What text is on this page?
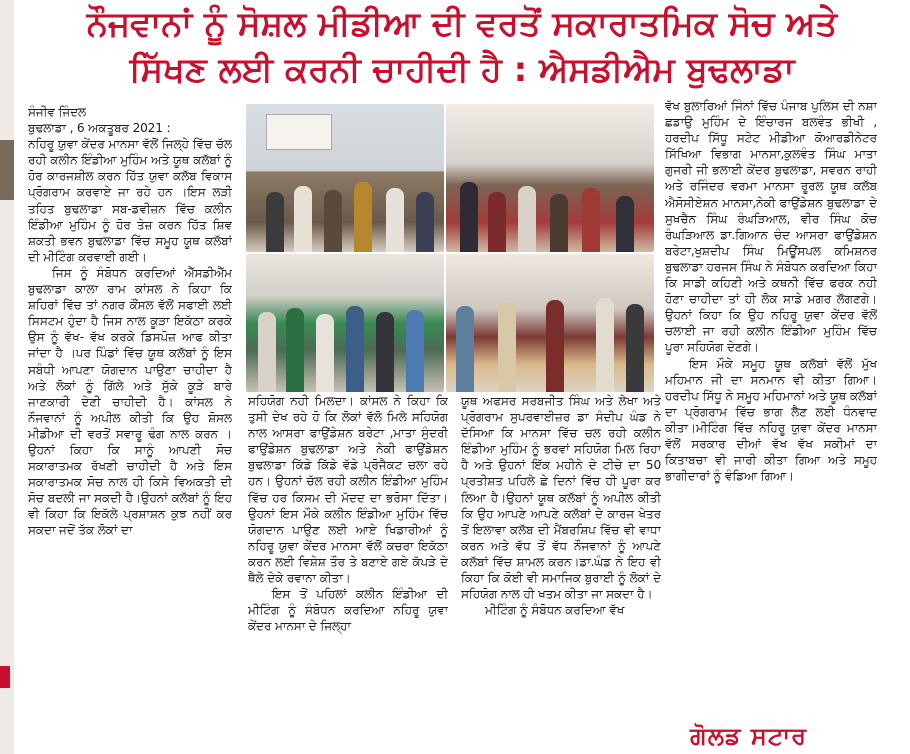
ਨੌਜਵਾਨਾਂ ਨੂੰ ਸੋਸ਼ਲ ਮੀਡੀਆ ਦੀ ਵਰਤੋਂ ਸਕਾਰਾਤਮਿਕ ਸੋਚ ਅਤੇ
ਸਿੱਖਣ ਲਈ ਕਰਨੀ ਚਾਹੀਦੀ ਹੈ : ਐਸਡੀਐਮ ਬੁਢਲਾਡਾ
ਸੰਜੀਵ ਜਿੰਦਲ
ਬੁਢਲਾਡਾ , 6 ਅਕਤੂਬਰ 2021 :

ਨਹਿਰੂ ਯੁਵਾ ਕੇਂਦਰ ਮਾਨਸਾ ਵੱਲੋਂ ਜਿਲ੍ਹੇ ਵਿੱਚ ਚੱਲ ਰਹੀ ਕਲੀਨ ਇੰਡੀਆ ਮੁਹਿੰਮ ਅਤੇ ਯੂਥ ਕਲੱਬਾਂ ਨੂੰ ਹੋਰ ਕਾਰਜਸ਼ੀਲ ਕਰਨ ਹਿੱਤ ਯੁਵਾ ਕਲੱਬ ਵਿਕਾਸ ਪ੍ਰੋਗਰਾਮ ਕਰਵਾਏ ਜਾ ਰਹੇ ਹਨ ।ਇਸ ਲੜੀ ਤਹਿਤ ਬੁਢਲਾਡਾ ਸਬ-ਡਵੀਜ਼ਨ ਵਿੱਚ ਕਲੀਨ ਇੰਡੀਆ ਮੁਹਿੰਮ ਨੂੰ ਹੋਰ ਤੇਜ਼ ਕਰਨ ਹਿੱਤ ਸ਼ਿਵ ਸ਼ਕਤੀ ਭਵਨ ਬੁਢਲਾਡਾ ਵਿੱਚ ਸਮੂਹ ਯੂਥ ਕਲੱਬਾਂ ਦੀ ਮੀਟਿੰਗ ਕਰਵਾਈ ਗਈ।

ਜਿਸ ਨੂੰ ਸੰਬੋਧਨ ਕਰਦਿਆਂ ਐੱਸਡੀਐੱਮ ਬੁਢਲਾਡਾ ਕਾਲਾ ਰਾਮ ਕਾਂਸਲ ਨੇ ਕਿਹਾ ਕਿ ਸ਼ਹਿਰਾਂ ਵਿੱਚ ਤਾਂ ਨਗਰ ਕੌਂਸਲ ਵੱਲੋਂ ਸਫਾਈ ਲਈ ਸਿਸਟਮ ਹੁੰਦਾ ਹੈ ਜਿਸ ਨਾਲ ਕੂੜਾ ਇਕੱਠਾ ਕਰਕੇ ਉਸ ਨੂੰ ਵੱਖ- ਵੱਖ ਕਰਕੇ ਡਿਸਪੋਜ਼ ਆਫ ਕੀਤਾ ਜਾਂਦਾ ਹੈ ।ਪਰ ਪਿੰਡਾਂ ਵਿੱਚ ਯੂਥ ਕਲੱਬਾਂ ਨੂੰ ਇਸ ਸਬੰਧੀ ਆਪਣਾ ਯੋਗਦਾਨ ਪਾਉਣਾ ਚਾਹੀਦਾ ਹੈ ਅਤੇ ਲੋਕਾਂ ਨੂੰ ਗਿੱਲੇ ਅਤੇ ਸੁੱਕੇ ਕੂੜੇ ਬਾਰੇ ਜਾਣਕਾਰੀ ਦੇਣੀ ਚਾਹੀਦੀ ਹੈ। ਕਾਂਸਲ ਨੇ ਨੌਜਵਾਨਾਂ ਨੂੰ ਅਪੀਲ ਕੀਤੀ ਕਿ ਉਹ ਸ਼ੋਸਲ ਮੀਡੀਆ ਦੀ ਵਰਤੋਂ ਸਵਾਰੂ ਢੰਗ ਨਾਲ ਕਰਨ ।ਉਹਨਾਂ ਕਿਹਾ ਕਿ ਸਾਨੂੰ ਆਪਣੀ ਸੋਚ ਸਕਾਰਾਤਮਕ ਰੱਖਣੀ ਚਾਹੀਦੀ ਹੈ ਅਤੇ ਇਸ ਸਕਾਰਾਤਮਕ ਸੋਚ ਨਾਲ ਹੀ ਕਿਸੇ ਵਿਅਕਤੀ ਦੀ ਸੋਚ ਬਦਲੀ ਜਾ ਸਕਦੀ ਹੈ।ਉਹਨਾਂ ਕਲੱਬਾਂ ਨੂੰ ਇਹ ਵੀ ਕਿਹਾ ਕਿ ਇਕੱਲੇ ਪ੍ਰਸ਼ਾਸ਼ਨ ਕੁਝ ਨਹੀਂ ਕਰ ਸਕਦਾ ਜਦੋਂ ਤੱਕ ਲੋਕਾਂ ਦਾ

ਸਹਿਯੋਗ ਨਹੀ ਮਿਲਦਾ। ਕਾਂਸਲ ਨੇ ਕਿਹਾ ਕਿ ਤੁਸੀ ਦੇਖ ਰਹੇ ਹੋ ਕਿ ਲੋਕਾਂ ਵੱਲੋ ਮਿਲੇ ਸਹਿਯੋਗ ਨਾਲ ਆਸਰਾ ਫਾਉਂਡੇਸ਼ਨ ਬਰੇਟਾ ,ਮਾਤਾ ਸੁੰਦਰੀ ਫਾਉਂਡੇਸ਼ਨ ਬੁਢਲਾਡਾ ਅਤੇ ਨੇਕੀ ਫਾਉਂਡੇਸ਼ਨ ਬੁਢਲਾਡਾ ਕਿੱਡੇ ਕਿੱਡੇ ਵੱਡੇ ਪ੍ਰੋਜੈਕਟ ਚਲਾ ਰਹੇ ਹਨ। ਉਹਨਾਂ ਚੱਲ ਰਹੀ ਕਲੀਨ ਇੰਡੀਆ ਮੁਹਿੰਮ ਵਿੱਚ ਹਰ ਕਿਸਮ ਦੀ ਮੱਦਦ ਦਾ ਭਰੋਸਾ ਦਿੱਤਾ।ਉਹਨਾਂ ਇਸ ਮੌਕੇ ਕਲੀਨ ਇੰਡੀਆ ਮੁਹਿੰਮ ਵਿੱਚ ਯੋਗਦਾਨ ਪਾਉਣ ਲਈ ਆਏ ਖਿਡਾਰੀਆਂ ਨੂੰ ਨਹਿਰੂ ਯੁਵਾ ਕੇਂਦਰ ਮਾਨਸਾ ਵੱਲੋਂ ਕਚਰਾ ਇਕੱਠਾ ਕਰਨ ਲਈ ਵਿਸ਼ੇਸ਼ ਤੌਰ ਤੇ ਬਣਾਏ ਗਏ ਕੱਪੜੇ ਦੇ ਥੈਲੇ ਦੇਕੇ ਰਵਾਨਾ ਕੀਤਾ।

ਇਸ ਤੋਂ ਪਹਿਲਾਂ ਕਲੀਨ ਇੰਡੀਆ ਦੀ ਮੀਟਿੰਗ ਨੂੰ ਸੰਬੋਧਨ ਕਰਦਿਆ ਨਹਿਰੂ ਯੁਵਾ ਕੇਂਦਰ ਮਾਨਸਾ ਦੇ ਜਿਲ੍ਹਾ

ਯੂਥ ਅਫਸਰ ਸਰਬਜੀਤ ਸਿੰਘ ਅਤੇ ਲੇਖਾ ਅਤੇ ਪ੍ਰੋਗਰਾਮ ਸੁਪਰਵਾਈਜ਼ਰ ਡਾ ਸੰਦੀਪ ਘੰਡ ਨੇ ਦੱਸਿਆ ਕਿ ਮਾਨਸਾ ਵਿੱਚ ਚਲ ਰਹੀ ਕਲੀਨ ਇੰਡੀਆ ਮੁਹਿੰਮ ਨੂੰ ਭਰਵਾਂ ਸਹਿਯੋਗ ਮਿਲ ਰਿਹਾ ਹੈ ਅਤੇ ਉਹਨਾਂ ਇੱਕ ਮਹੀਨੇ ਦੇ ਟੀਚੇ ਦਾ 50 ਪ੍ਰਤੀਸ਼ਤ ਪਹਿਲੇ ਛੇ ਦਿਨਾਂ ਵਿੱਚ ਹੀ ਪੂਰਾ ਕਰ ਲਿਆ ਹੈ।ਉਹਨਾਂ ਯੂਥ ਕਲੱਬਾਂ ਨੂੰ ਅਪੀਲ ਕੀਤੀ ਕਿ ਉਹ ਆਪਣੇ ਆਪਣੇ ਕਲੱਬਾਂ ਦੇ ਕਾਰਜ ਖੇਤਰ ਤੋਂ ਇਲਾਵਾ ਕਲੱਬ ਦੀ ਮੈਂਬਰਸ਼ਿਪ ਵਿੱਚ ਵੀ ਵਾਧਾ ਕਰਨ ਅਤੇ ਵੱਧ ਤੋਂ ਵੱਧ ਨੌਜਵਾਨਾਂ ਨੂੰ ਆਪਣੇ ਕਲੱਬਾਂ ਵਿੱਚ ਸ਼ਾਮਲ ਕਰਨ।ਡਾ.ਘੰਡ ਨੇ ਇਹ ਵੀ ਕਿਹਾ ਕਿ ਕੋਈ ਵੀ ਸਮਾਜਿਕ ਬੁਰਾਈ ਨੂੰ ਲੋਕਾਂ ਦੇ ਸਹਿਯੋਗ ਨਾਲ ਹੀ ਖਤਮ ਕੀਤਾ ਜਾ ਸਕਦਾ ਹੈ।

ਮੀਟਿੰਗ ਨੂੰ ਸੰਬੋਧਨ ਕਰਦਿਆ ਵੱਖ

ਵੱਖ ਬੁਲਾਰਿਆਂ ਜਿੰਨਾਂ ਵਿੱਚ ਪੰਜਾਬ ਪੁਲਿਸ ਦੀ ਨਸ਼ਾ ਛਡਾਉ ਮੁਹਿੰਮ ਦੇ ਇੰਚਾਰਜ ਬਲਵੰਤ ਭੀਖੀ , ਹਰਦੀਪ ਸਿੱਧੂ ਸਟੇਟ ਮੀਡੀਆ ਕੋਆਰਡੀਨੇਟਰ ਸਿੱਖਿਆ ਵਿਭਾਗ ਮਾਨਸਾ,ਕੁਲਵੰਤ ਸਿੰਘ ਮਾਤਾ ਗੁਜਰੀ ਜੀ ਭਲਾਈ ਕੇਂਦਰ ਬੁਢਲਾਡਾ, ਸਵਰਨ ਰਾਹੀ ਅਤੇ ਰਜਿੰਦਰ ਵਰਮਾ ਮਾਨਸਾ ਰੂਰਲ ਯੂਥ ਕਲੱਬ ਐਸੋਸੀਏਸ਼ਨ ਮਾਨਸਾ,ਨੇਕੀ ਫਾਉਂਡੇਸ਼ਨ ਬੁਢਲਾਡਾ ਦੇ ਸੁਖਚੈਨ ਸਿੰਘ ਰੰਘੜਿਆਲ, ਵੀਰ ਸਿੰਘ ਕੋਚ ਰੰਘੜਿਆਲ ਡਾ.ਗਿਆਨ ਚੰਦ ਆਸਰਾ ਫਾਉਂਡੇਸ਼ਨ ਬਰੇਟਾ,ਖੁਸ਼ਦੀਪ ਸਿੰਘ ਮਿਊਂਸਪਲ ਕਮਿਸ਼ਨਰ ਬੁਢਲਾਡਾ ਹਰਜਸ ਸਿੰਘ ਨੇ ਸੰਬੋਧਨ ਕਰਦਿਆ ਕਿਹਾ ਕਿ ਸਾਡੀ ਕਹਿਣੀ ਅਤੇ ਕਥਨੀ ਵਿੱਚ ਫਰਕ ਨਹੀ ਹੋਣਾ ਚਾਹੀਦਾ ਤਾਂ ਹੀ ਲੋਕ ਸਾਡੇ ਮਗਰ ਲੱਗਣਗੇ।ਉਹਨਾਂ ਕਿਹਾ ਕਿ ਉਹ ਨਹਿਰੂ ਯੁਵਾ ਕੇਂਦਰ ਵੱਲੋਂ ਚਲਾਈ ਜਾ ਰਹੀ ਕਲੀਨ ਇੰਡੀਆ ਮੁਹਿੰਮ ਵਿੱਚ ਪੂਰਾ ਸਹਿਯੋਗ ਦੇਣਗੇ।

ਇਸ ਮੌਕੇ ਸਮੂਹ ਯੂਥ ਕਲੱਬਾਂ ਵੱਲੋਂ ਮੁੱਖ ਮਹਿਮਾਨ ਜੀ ਦਾ ਸਨਮਾਨ ਵੀ ਕੀਤਾ ਗਿਆ।ਹਰਦੀਪ ਸਿੱਧੂ ਨੇ ਸਮੂਹ ਮਹਿਮਾਨਾਂ ਅਤੇ ਯੂਥ ਕਲੱਬਾਂ ਦਾ ਪ੍ਰੋਗਰਾਮ ਵਿੱਚ ਭਾਗ ਲੈਣ ਲਈ ਧੰਨਵਾਦ ਕੀਤਾ।ਮੀਟਿੰਗ ਵਿੱਚ ਨਹਿਰੂ ਯੁਵਾ ਕੇਂਦਰ ਮਾਨਸਾ ਵੱਲੋਂ ਸਰਕਾਰ ਦੀਆਂ ਵੱਖ ਵੱਖ ਸਕੀਮਾਂ ਦਾ ਕਿਤਾਬਚਾ ਵੀ ਜਾਰੀ ਕੀਤਾ ਗਿਆ ਅਤੇ ਸਮੂਹ ਭਾਗੀਦਾਰਾਂ ਨੂੰ ਵੰਡਿਆ ਗਿਆ।

ਗੋਲਡ ਸਟਾਰ
